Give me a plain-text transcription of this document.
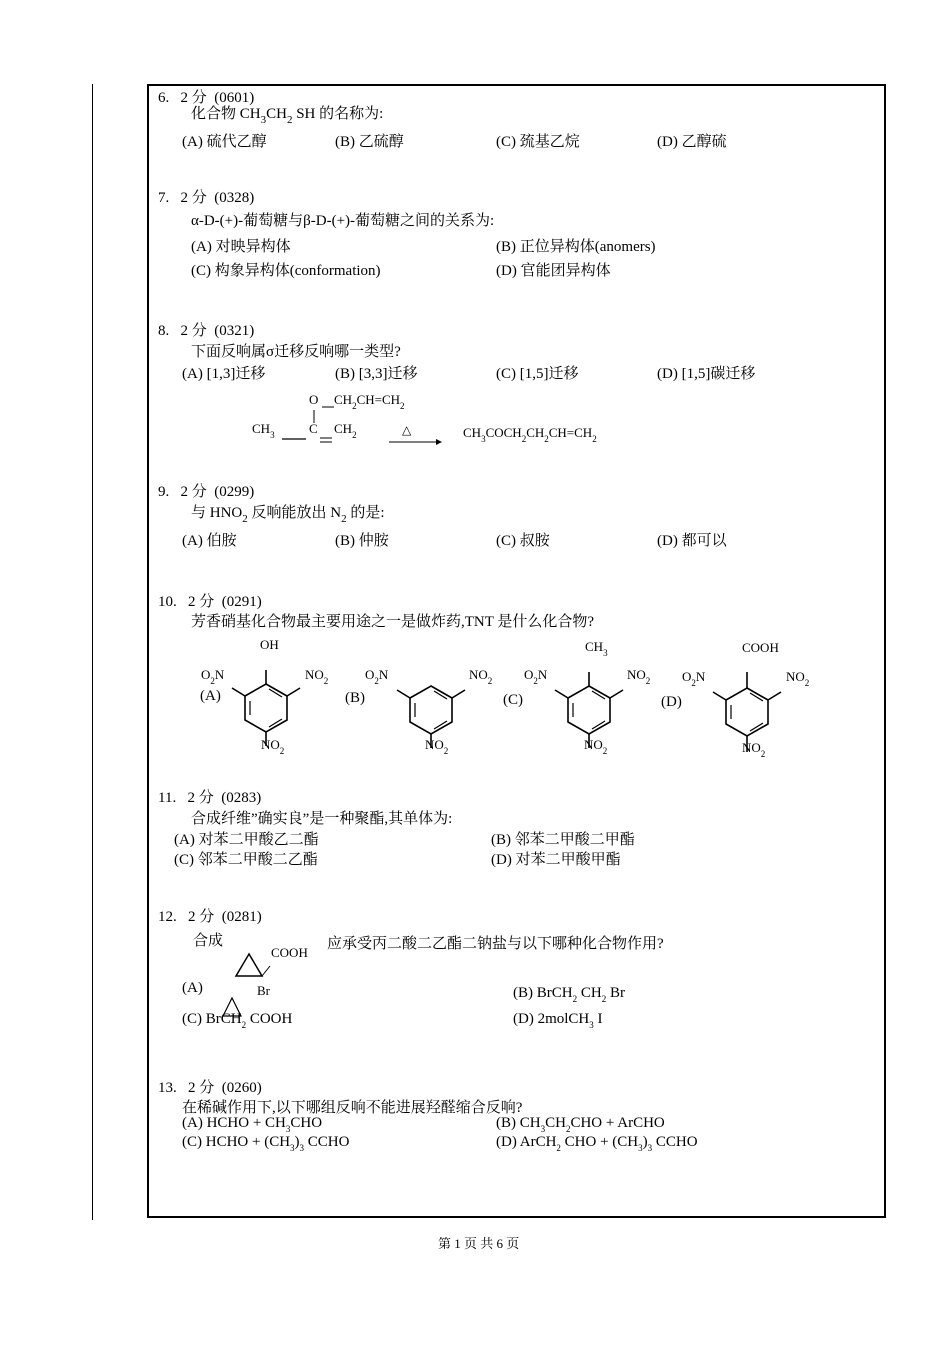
6. 2 分 (0601)
化合物 $CH_3CH_2$ SH 的名称为:
(A) 硫代乙醇	(B) 乙硫醇	(C) 巯基乙烷	(D) 乙醇硫
7. 2 分 (0328)
α-D-(+)-葡萄糖与β-D-(+)-葡萄糖之间的关系为:
(A) 对映异构体	(B) 正位异构体(anomers)
(C) 构象异构体(conformation)	(D) 官能团异构体
8. 2 分 (0321)
下面反响属σ迁移反响哪一类型?
(A) [1,3]迁移	(B) [3,3]迁移	(C) [1,5]迁移	(D) [1,5]碳迁移
O $CH_2CH=CH_2$
$CH_3$	C $CH_2$	△	$CH_3COCH_2CH_2CH=CH_2$
9. 2 分 (0299)
与 $HNO_2$ 反响能放出 $N_2$ 的是:
(A) 伯胺	(B) 仲胺	(C) 叔胺	(D) 都可以
10. 2 分 (0291)
芳香硝基化合物最主要用途之一是做炸药,TNT 是什么化合物?
(A)
OH
$O_2N$	$NO_2$
$NO_2$
(B)
$O_2N$	$NO_2$
$NO_2$
(C)
$CH_3$
$O_2N$	$NO_2$
$NO_2$
(D)
COOH
$O_2N$	$NO_2$
$NO_2$
11. 2 分 (0283)
合成纤维”确实良”是一种聚酯,其单体为:
(A) 对苯二甲酸乙二酯	(B) 邻苯二甲酸二甲酯
(C) 邻苯二甲酸二乙酯	(D) 对苯二甲酸甲酯
12. 2 分 (0281)
合成
COOH
应承受丙二酸二乙酯二钠盐与以下哪种化合物作用?
(A)	Br	(B) BrCH$_2$ $CH_2$ Br
(C) BrCH$_2$ COOH	(D) 2molCH$_3$ I
13. 2 分 (0260)
在稀碱作用下,以下哪组反响不能进展羟醛缩合反响?
(A) HCHO + $CH_3CHO$	(B) $CH_3CH_2CHO$ + ArCHO
(C) HCHO + $(CH_3)_3$ CCHO	(D) ArCH$_2$ CHO + $(CH_3)_3$ CCHO
第 1 页 共 6 页
